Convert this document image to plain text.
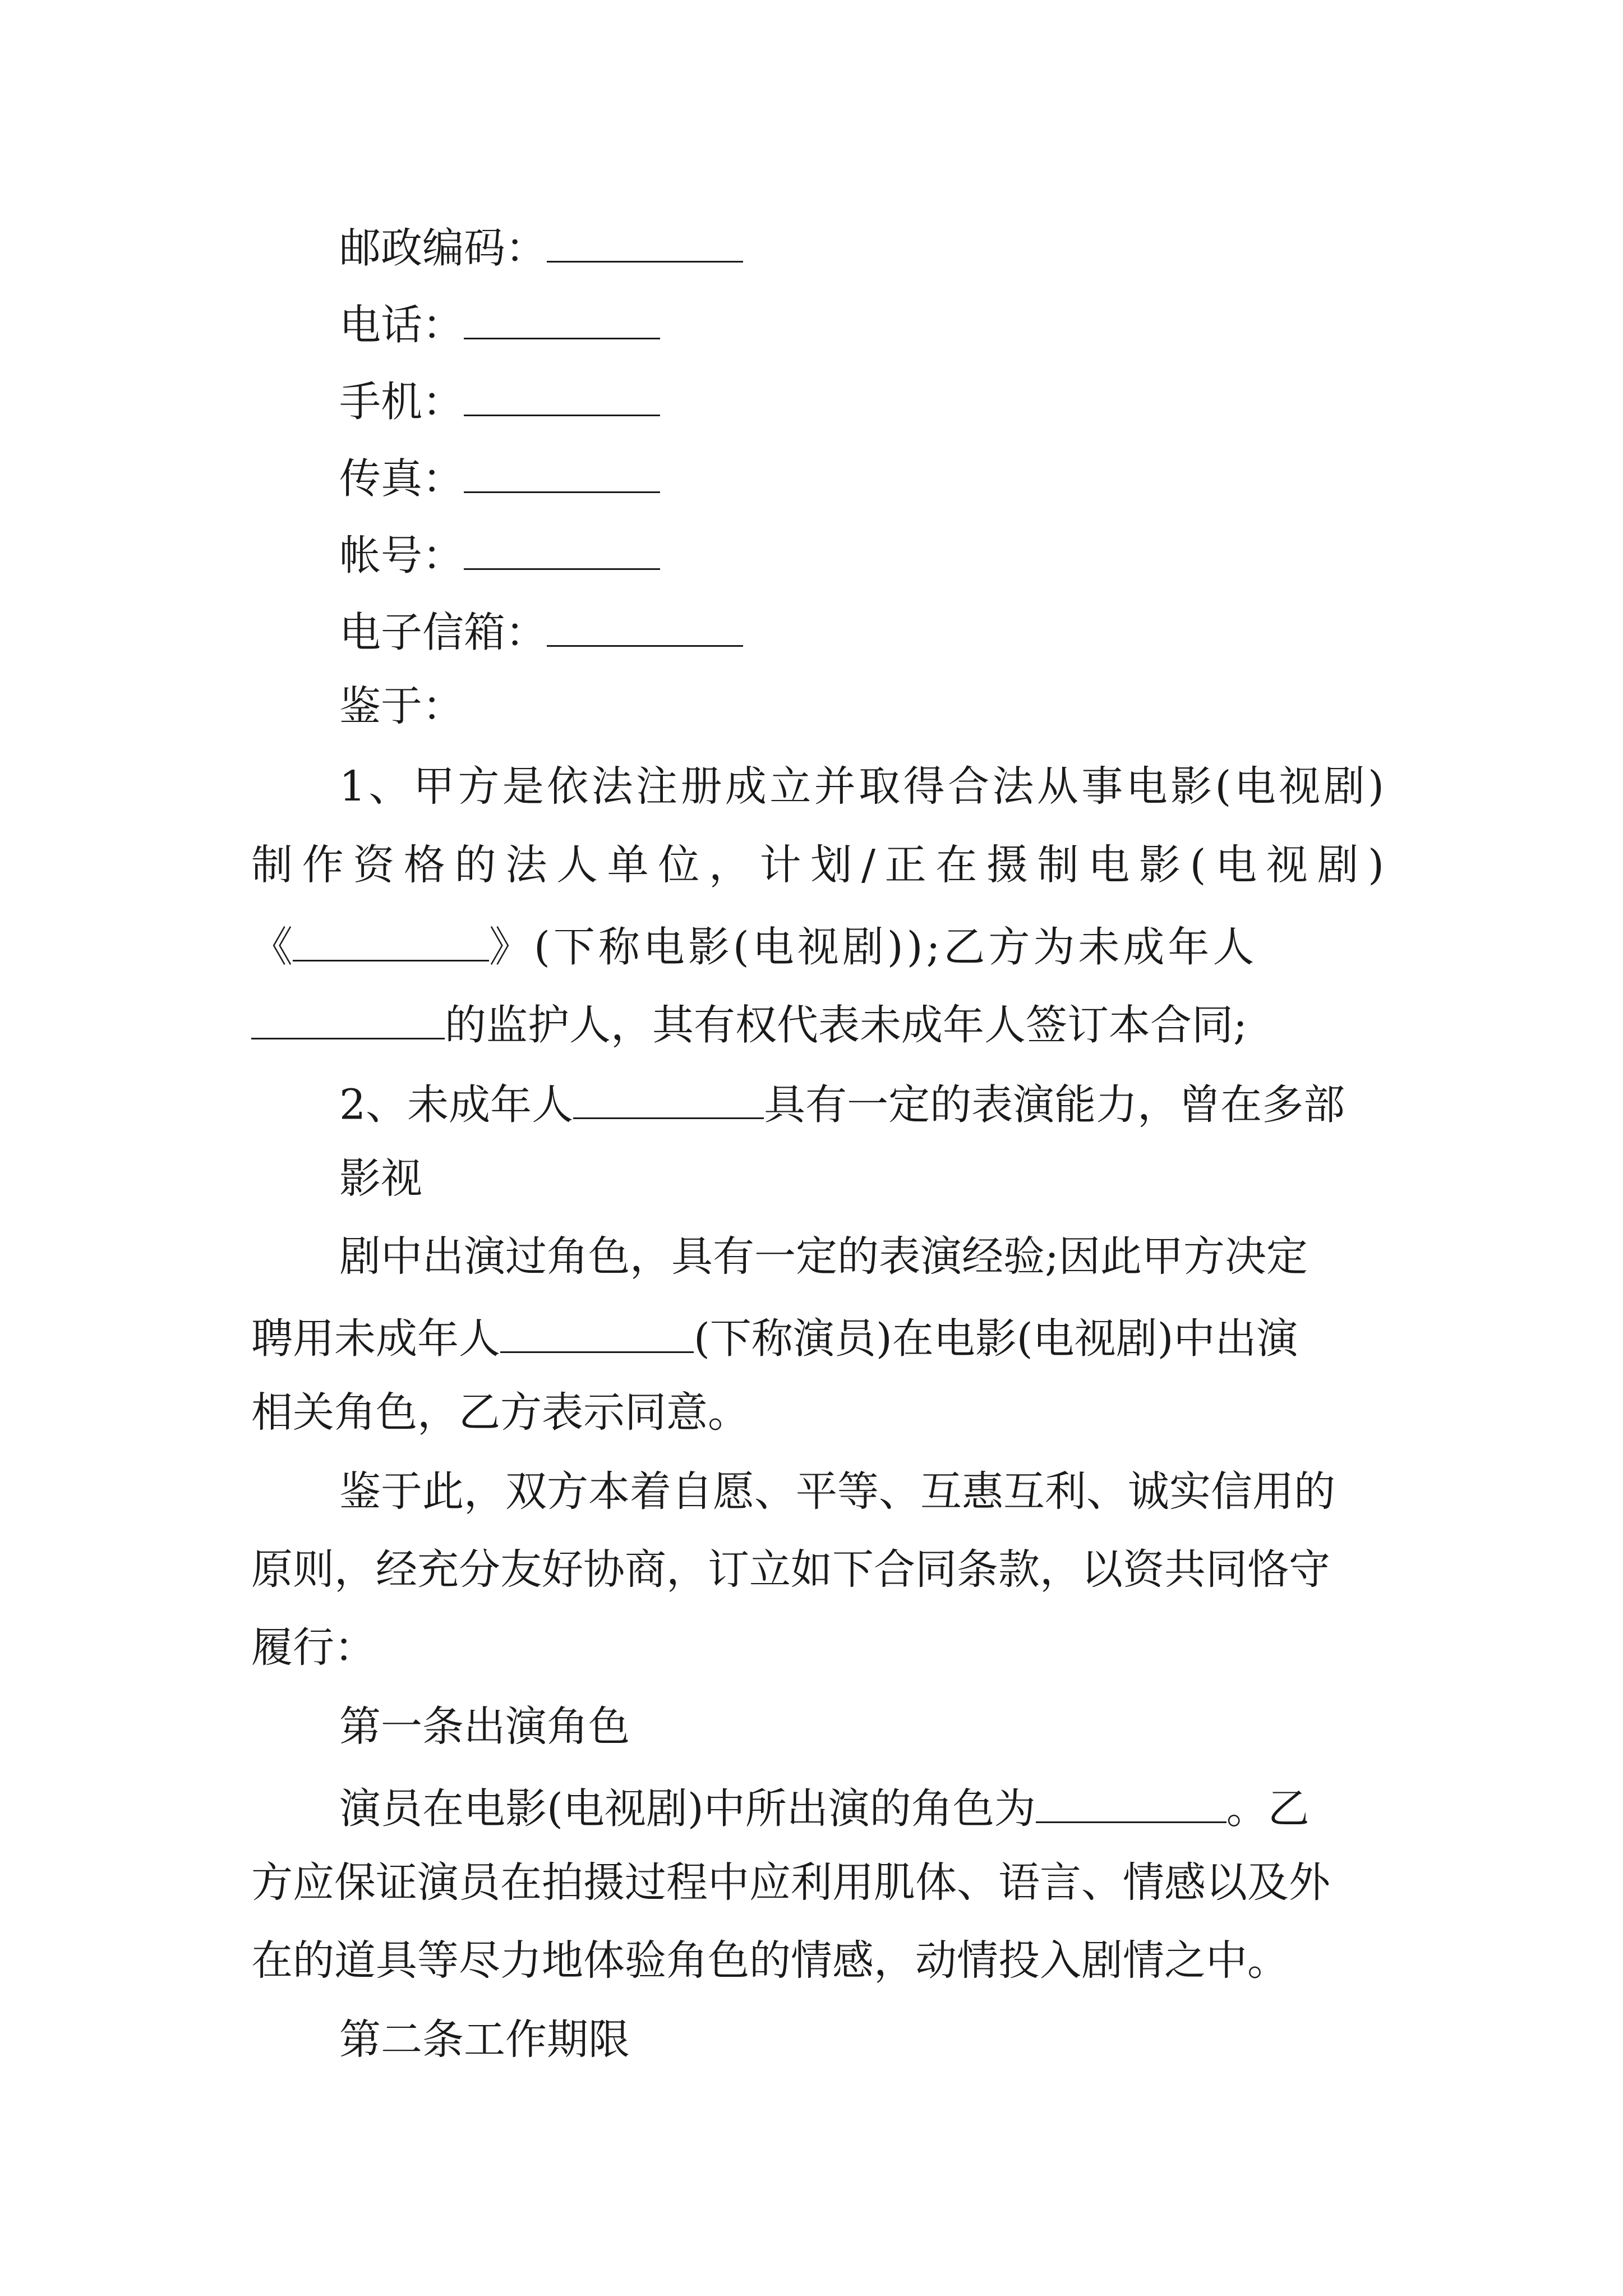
邮政编码：
电话：
手机：
传真：
帐号：
电子信箱：
鉴于：
1、甲方是依法注册成立并取得合法从事电影(电视剧)
制作资格的法人单位，计划/正在摄制电影(电视剧)
《	》(下称电影(电视剧));乙方为未成年人
的监护人，其有权代表未成年人签订本合同;
2、未成年人	具有一定的表演能力，曾在多部
影视
剧中出演过角色，具有一定的表演经验;因此甲方决定
聘用未成年人	(下称演员)在电影(电视剧)中出演
相关角色，乙方表示同意。
鉴于此，双方本着自愿、平等、互惠互利、诚实信用的
原则，经充分友好协商，订立如下合同条款，以资共同恪守
履行：
第一条出演角色
演员在电影(电视剧)中所出演的角色为	。乙
方应保证演员在拍摄过程中应利用肌体、语言、情感以及外
在的道具等尽力地体验角色的情感，动情投入剧情之中。
第二条工作期限
